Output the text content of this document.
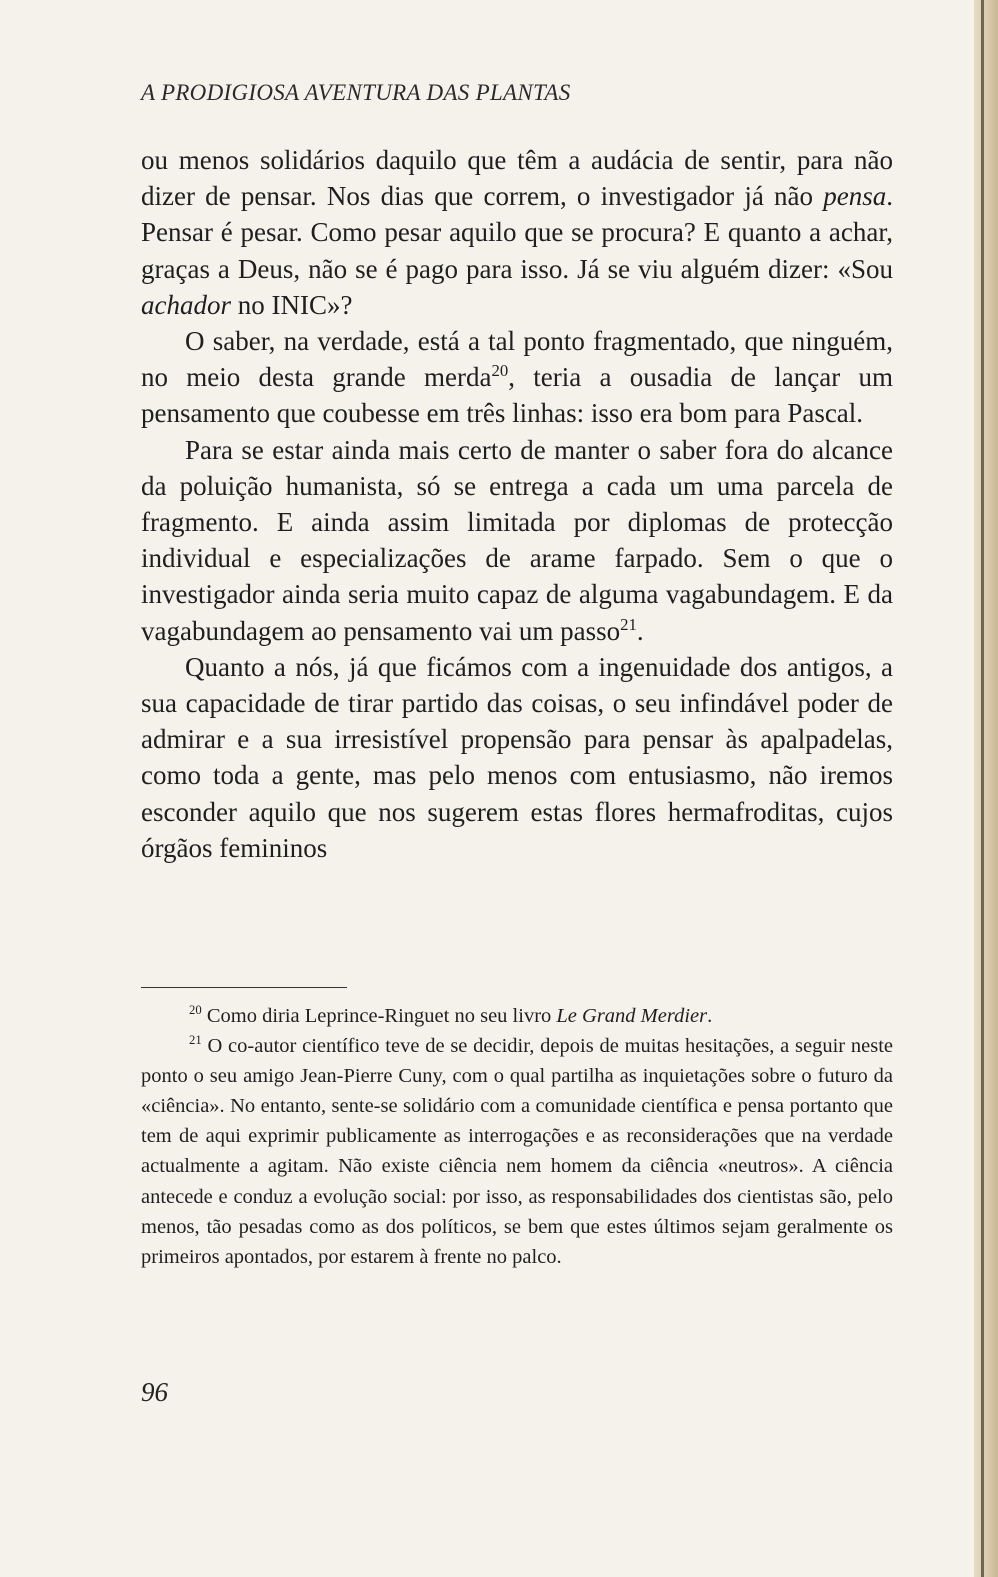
A PRODIGIOSA AVENTURA DAS PLANTAS

ou menos solidários daquilo que têm a audácia de sentir, para não dizer de pensar. Nos dias que correm, o investigador já não pensa. Pensar é pesar. Como pesar aquilo que se procura? E quanto a achar, graças a Deus, não se é pago para isso. Já se viu alguém dizer: «Sou achador no INIC»?

O saber, na verdade, está a tal ponto fragmentado, que ninguém, no meio desta grande merda$^{20}$, teria a ousadia de lançar um pensamento que coubesse em três linhas: isso era bom para Pascal.

Para se estar ainda mais certo de manter o saber fora do alcance da poluição humanista, só se entrega a cada um uma parcela de fragmento. E ainda assim limitada por diplomas de protecção individual e especializações de arame farpado. Sem o que o investigador ainda seria muito capaz de alguma vagabundagem. E da vagabundagem ao pensamento vai um passo$^{21}$.

Quanto a nós, já que ficámos com a ingenuidade dos antigos, a sua capacidade de tirar partido das coisas, o seu infindável poder de admirar e a sua irresistível propensão para pensar às apalpadelas, como toda a gente, mas pelo menos com entusiasmo, não iremos esconder aquilo que nos sugerem estas flores hermafroditas, cujos órgãos femininos

$^{20}$ Como diria Leprince-Ringuet no seu livro Le Grand Merdier.

$^{21}$ O co-autor científico teve de se decidir, depois de muitas hesitações, a seguir neste ponto o seu amigo Jean-Pierre Cuny, com o qual partilha as inquietações sobre o futuro da «ciência». No entanto, sente-se solidário com a comunidade científica e pensa portanto que tem de aqui exprimir publicamente as interrogações e as reconsiderações que na verdade actualmente a agitam. Não existe ciência nem homem da ciência «neutros». A ciência antecede e conduz a evolução social: por isso, as responsabilidades dos cientistas são, pelo menos, tão pesadas como as dos políticos, se bem que estes últimos sejam geralmente os primeiros apontados, por estarem à frente no palco.

96
